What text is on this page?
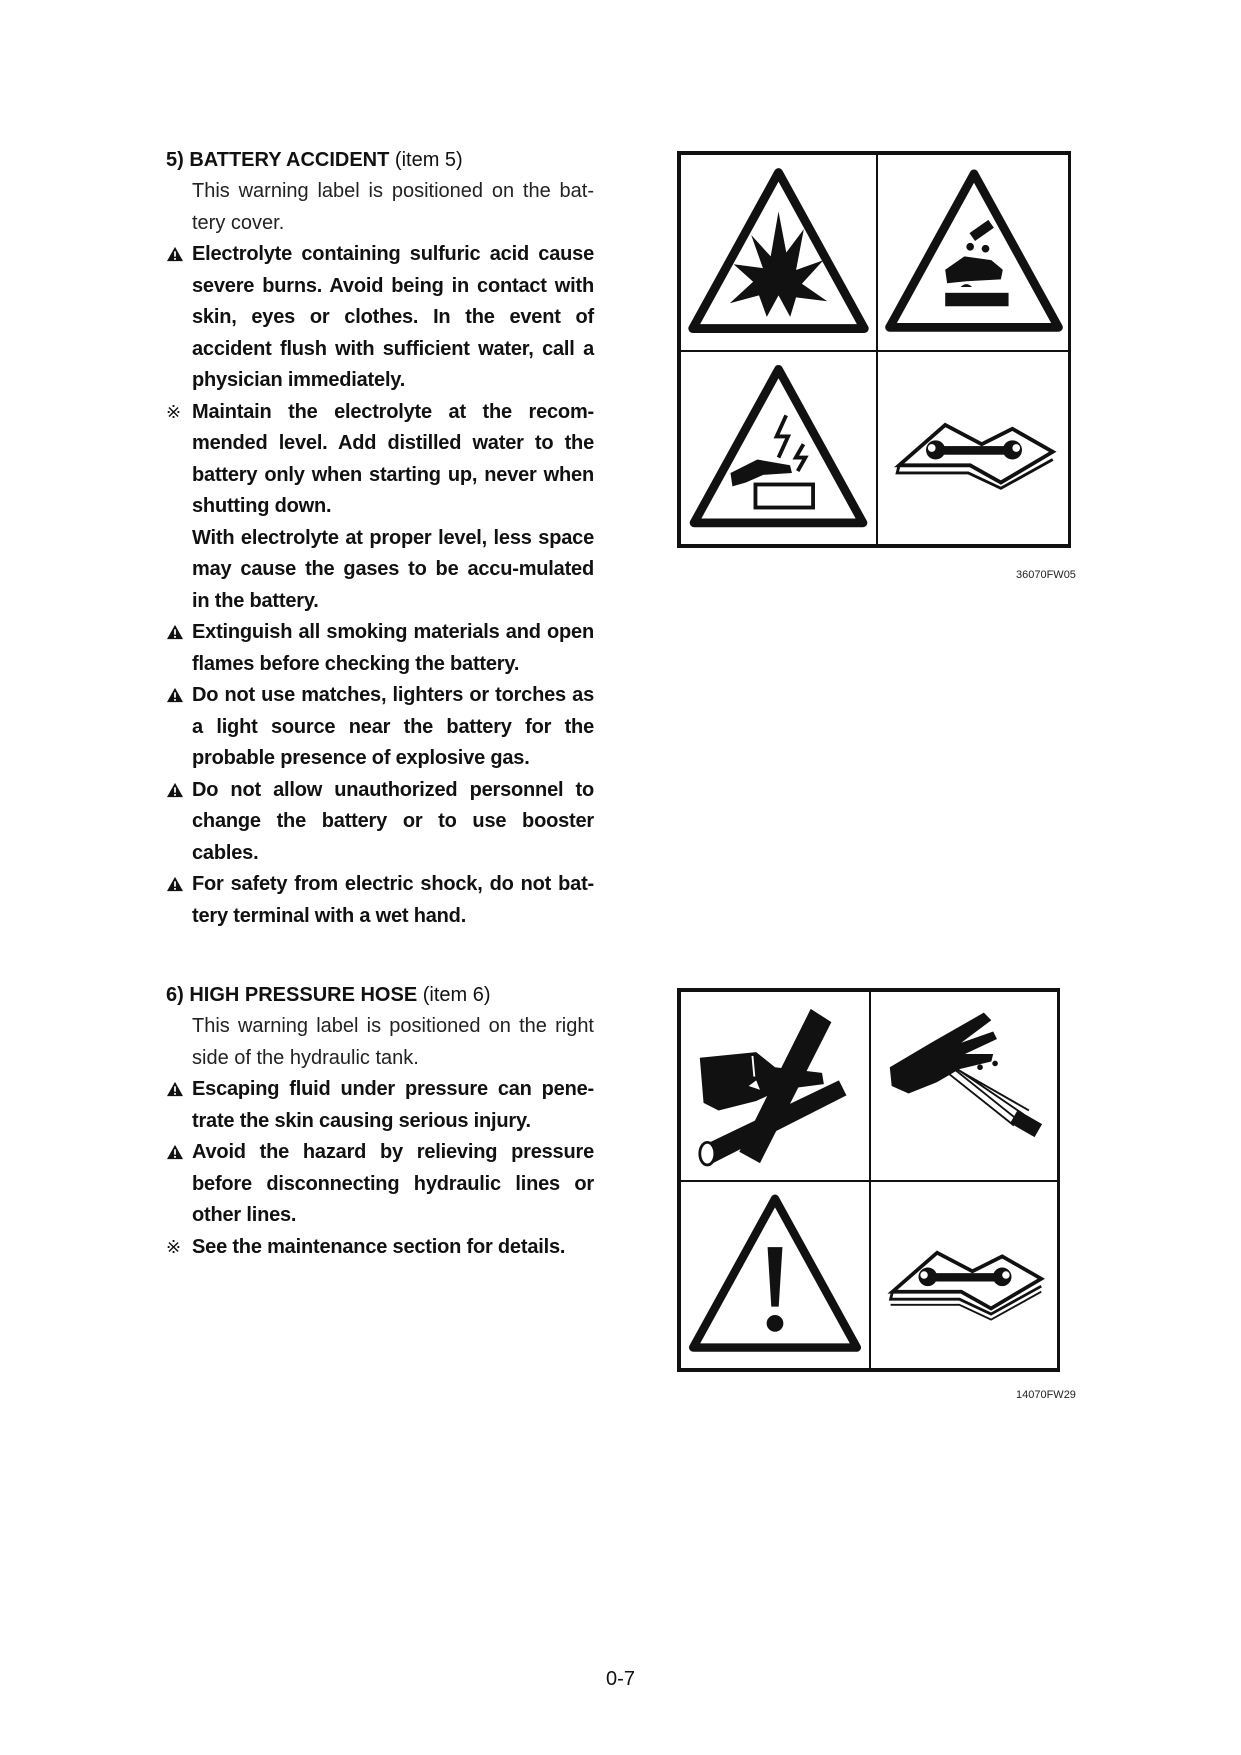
5) BATTERY ACCIDENT (item 5)

This warning label is positioned on the bat-tery cover.

Electrolyte containing sulfuric acid cause severe burns. Avoid being in contact with skin, eyes or clothes. In the event of accident flush with sufficient water, call a physician immediately.

※ Maintain the electrolyte at the recom-mended level. Add distilled water to the battery only when starting up, never when shutting down.

With electrolyte at proper level, less space may cause the gases to be accu-mulated in the battery.

Extinguish all smoking materials and open flames before checking the battery.

Do not use matches, lighters or torches as a light source near the battery for the probable presence of explosive gas.

Do not allow unauthorized personnel to change the battery or to use booster cables.

For safety from electric shock, do not bat-tery terminal with a wet hand.

36070FW05

6) HIGH PRESSURE HOSE (item 6)

This warning label is positioned on the right side of the hydraulic tank.

Escaping fluid under pressure can pene-trate the skin causing serious injury.

Avoid the hazard by relieving pressure before disconnecting hydraulic lines or other lines.

※ See the maintenance section for details.

14070FW29
0-7
